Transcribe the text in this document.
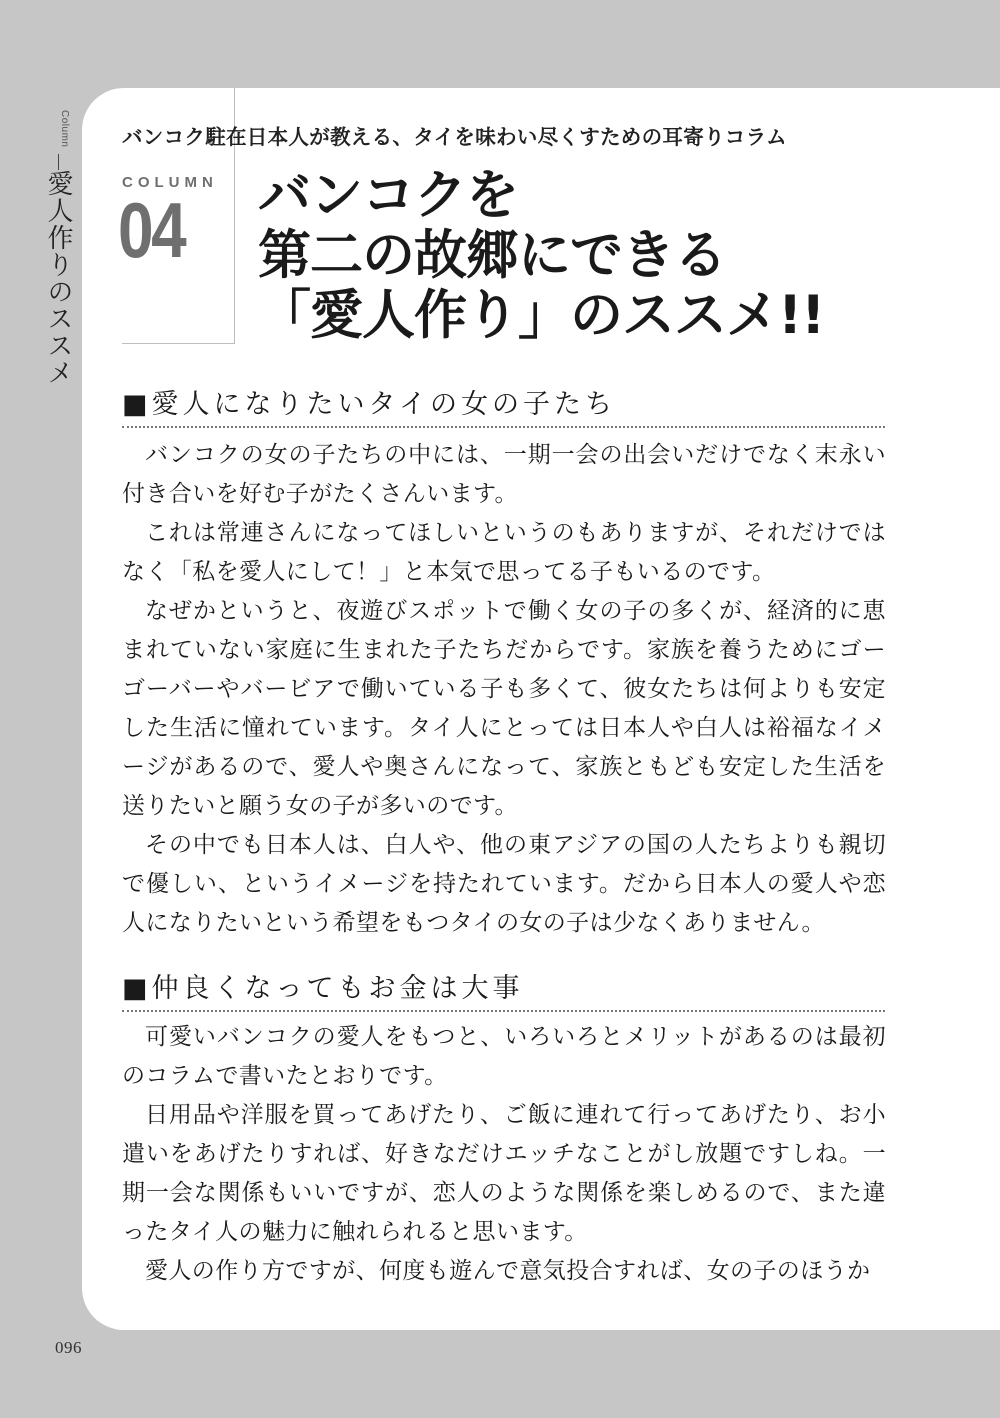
Column
愛人作りのススメ
バンコク駐在日本人が教える、タイを味わい尽くすための耳寄りコラム
COLUMN
04 バンコクを
第二の故郷にできる
「愛人作り」のススメ!!
■愛人になりたいタイの女の子たち

バンコクの女の子たちの中には、一期一会の出会いだけでなく末永い付き合いを好む子がたくさんいます。

これは常連さんになってほしいというのもありますが、それだけではなく「私を愛人にして！」と本気で思ってる子もいるのです。

なぜかというと、夜遊びスポットで働く女の子の多くが、経済的に恵まれていない家庭に生まれた子たちだからです。家族を養うためにゴーゴーバーやバービアで働いている子も多くて、彼女たちは何よりも安定した生活に憧れています。タイ人にとっては日本人や白人は裕福なイメージがあるので、愛人や奥さんになって、家族ともども安定した生活を送りたいと願う女の子が多いのです。

その中でも日本人は、白人や、他の東アジアの国の人たちよりも親切で優しい、というイメージを持たれています。だから日本人の愛人や恋人になりたいという希望をもつタイの女の子は少なくありません。

■仲良くなってもお金は大事

可愛いバンコクの愛人をもつと、いろいろとメリットがあるのは最初のコラムで書いたとおりです。

日用品や洋服を買ってあげたり、ご飯に連れて行ってあげたり、お小遣いをあげたりすれば、好きなだけエッチなことがし放題ですしね。一期一会な関係もいいですが、恋人のような関係を楽しめるので、また違ったタイ人の魅力に触れられると思います。

愛人の作り方ですが、何度も遊んで意気投合すれば、女の子のほうか

096
